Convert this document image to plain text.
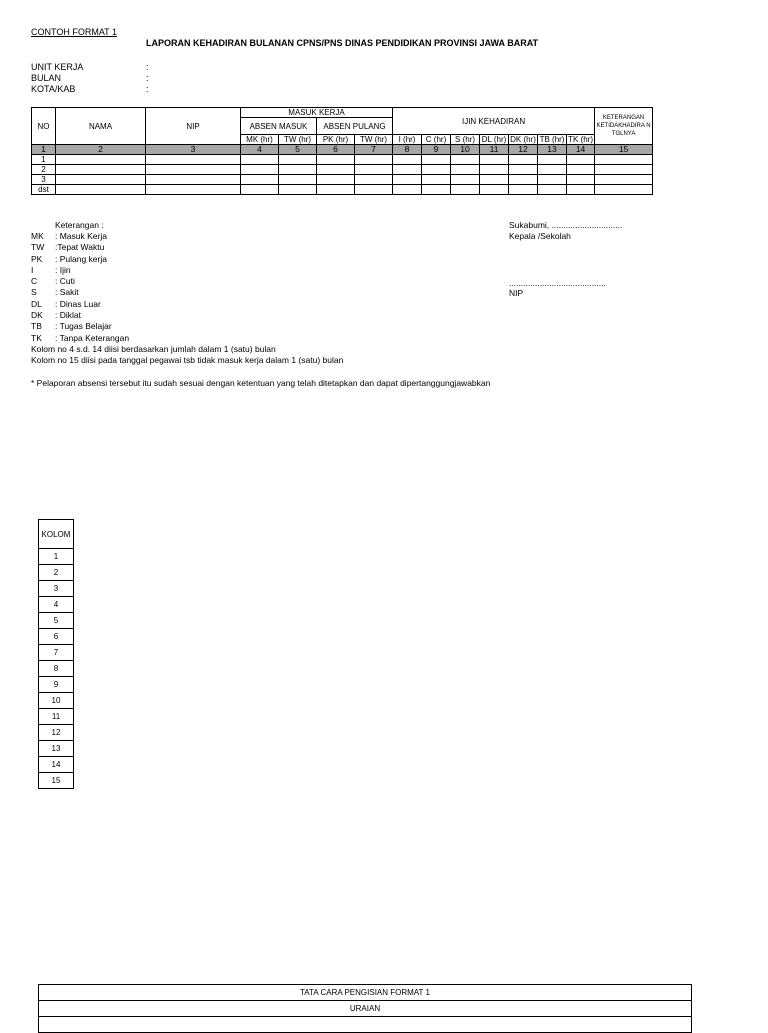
CONTOH FORMAT 1
LAPORAN KEHADIRAN BULANAN CPNS/PNS DINAS PENDIDIKAN PROVINSI JAWA BARAT
UNIT KERJA	:
BULAN	:
KOTA/KAB	:
NO	NAMA	NIP	MASUK KERJA				IJIN KEHADIRAN							KETERANGAN KETIDAKHADIRA N TGLNYA
			ABSEN MASUK		ABSEN PULANG									
			MK (hr)	TW (hr)	PK (hr)	TW (hr)	I (hr)	C (hr)	S (hr)	DL (hr)	DK (hr)	TB (hr)	TK (hr)	
1	2	3	4	5	6	7	8	9	10	11	12	13	14	15
1														
2														
3														
dst														
Keterangan :
MK : Masuk Kerja
TW :Tepat Waktu
PK : Pulang kerja
I	: Ijin
C : Cuti
S : Sakit
DL : Dinas Luar
DK : Diklat
TB : Tugas Belajar
TK : Tanpa Keterangan
Kolom no 4 s.d. 14 diisi berdasarkan jumlah dalam 1 (satu) bulan
Kolom no 15 diisi pada tanggal pegawai tsb tidak masuk kerja dalam 1 (satu) bulan
* Pelaporan absensi tersebut itu sudah sesuai dengan ketentuan yang telah ditetapkan dan dapat dipertanggungjawabkan
Sukabumi, ..............................
Kepala /Sekolah
.........................................
NIP
KOLOM
1
2
3
4
5
6
7
8
9
10
11
12
13
14
15
TATA CARA PENGISIAN FORMAT 1
URAIAN
